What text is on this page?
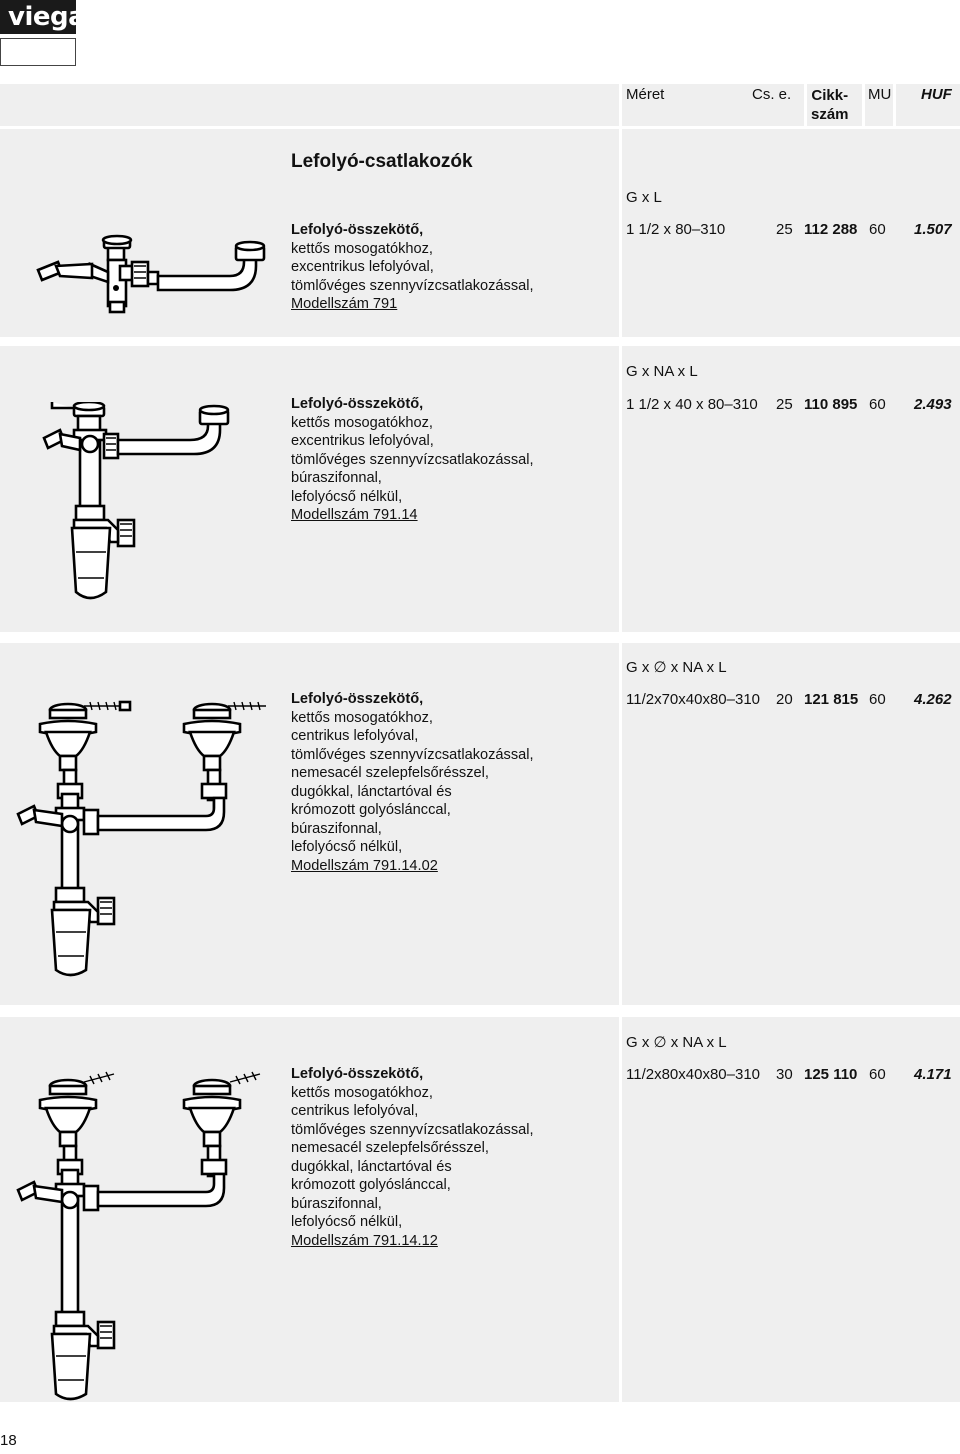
viega
Méret	Cs. e. Cikk-
szám
MU HUF
Lefolyó-csatlakozók
Lefolyó-összekötő,
kettős mosogatókhoz,
excentrikus lefolyóval,
tömlővéges szennyvízcsatlakozással,
Modellszám 791
G x L
1 1/2 x 80–310	25 112 288 60 1.507
Lefolyó-összekötő,
kettős mosogatókhoz,
excentrikus lefolyóval,
tömlővéges szennyvízcsatlakozással,
búraszifonnal,
lefolyócső nélkül,
Modellszám 791.14
G x NA x L
1 1/2 x 40 x 80–310 25 110 895 60 2.493
Lefolyó-összekötő,
kettős mosogatókhoz,
centrikus lefolyóval,
tömlővéges szennyvízcsatlakozással,
nemesacél szelepfelsőrésszel,
dugókkal, lánctartóval és
krómozott golyóslánccal,
búraszifonnal,
lefolyócső nélkül,
Modellszám 791.14.02
G x ∅ x NA x L
11/2x70x40x80–310 20 121 815 60 4.262
Lefolyó-összekötő,
kettős mosogatókhoz,
centrikus lefolyóval,
tömlővéges szennyvízcsatlakozással,
nemesacél szelepfelsőrésszel,
dugókkal, lánctartóval és
krómozott golyóslánccal,
búraszifonnal,
lefolyócső nélkül,
Modellszám 791.14.12
G x ∅ x NA x L
11/2x80x40x80–310 30 125 110 60 4.171
18
